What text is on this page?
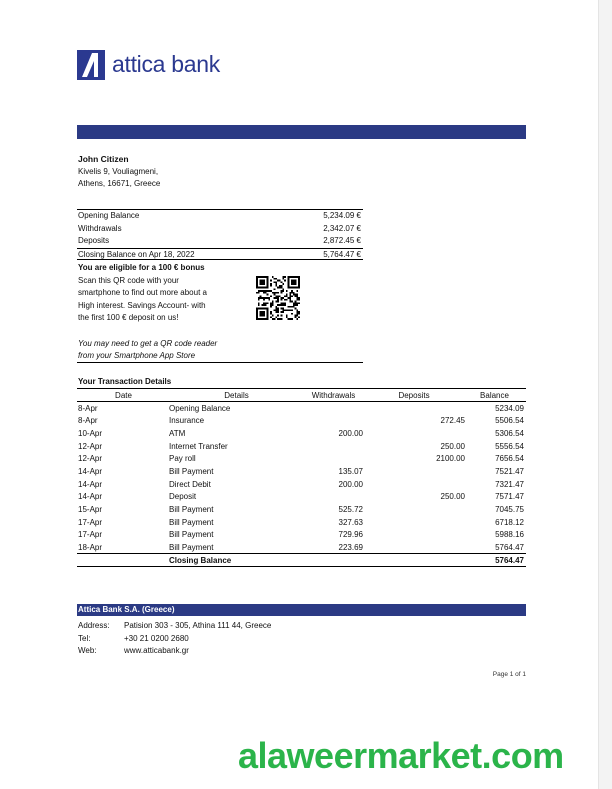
attica bank
John Citizen
Kivelis 9, Vouliagmeni,
Athens, 16671, Greece
Opening Balance	5,234.09 €
Withdrawals	2,342.07 €
Deposits	2,872.45 €
Closing Balance on Apr 18, 2022	5,764.47 €
You are eligible for a 100 € bonus
Scan this QR code with your
smartphone to find out more about a
High interest. Savings Account- with
the first 100 € deposit on us!
You may need to get a QR code reader
from your Smartphone App Store
Your Transaction Details
Date	Details	Withdrawals	Deposits	Balance
8-Apr	Opening Balance			5234.09
8-Apr	Insurance		272.45	5506.54
10-Apr	ATM	200.00		5306.54
12-Apr	Internet Transfer		250.00	5556.54
12-Apr	Pay roll		2100.00	7656.54
14-Apr	Bill Payment	135.07		7521.47
14-Apr	Direct Debit	200.00		7321.47
14-Apr	Deposit		250.00	7571.47
15-Apr	Bill Payment	525.72		7045.75
17-Apr	Bill Payment	327.63		6718.12
17-Apr	Bill Payment	729.96		5988.16
18-Apr	Bill Payment	223.69		5764.47
	Closing Balance			5764.47
Attica Bank S.A. (Greece)
Address:	Patision 303 - 305, Athina 111 44, Greece
Tel:	+30 21 0200 2680
Web:	www.atticabank.gr
Page 1 of 1
alaweermarket.com
